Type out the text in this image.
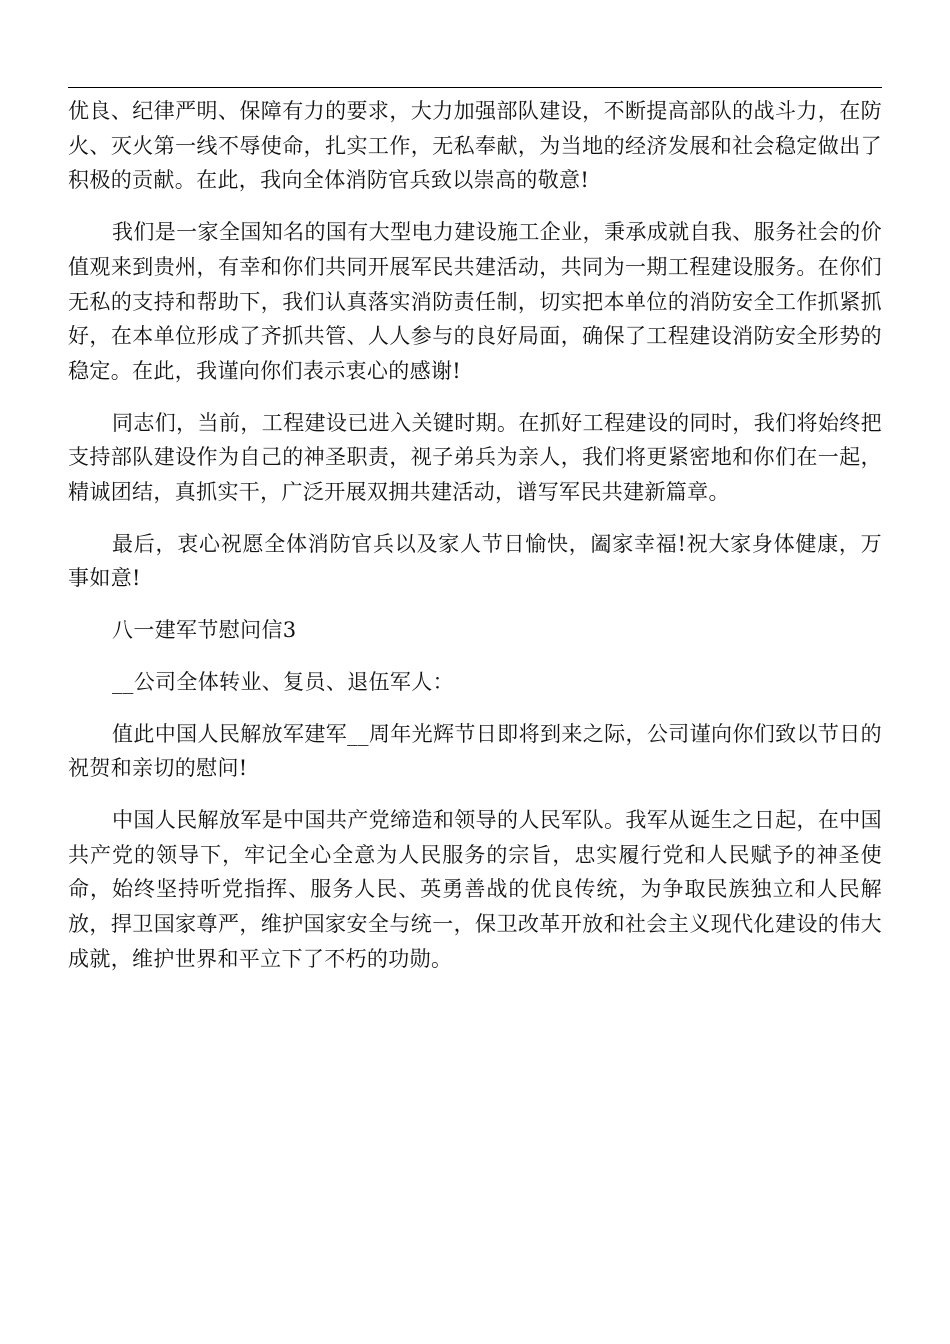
优良、纪律严明、保障有力的要求，大力加强部队建设，不断提高部队的战斗力，在防火、灭火第一线不辱使命，扎实工作，无私奉献，为当地的经济发展和社会稳定做出了积极的贡献。在此，我向全体消防官兵致以崇高的敬意!

我们是一家全国知名的国有大型电力建设施工企业，秉承成就自我、服务社会的价值观来到贵州，有幸和你们共同开展军民共建活动，共同为一期工程建设服务。在你们无私的支持和帮助下，我们认真落实消防责任制，切实把本单位的消防安全工作抓紧抓好，在本单位形成了齐抓共管、人人参与的良好局面，确保了工程建设消防安全形势的稳定。在此，我谨向你们表示衷心的感谢!

同志们，当前，工程建设已进入关键时期。在抓好工程建设的同时，我们将始终把支持部队建设作为自己的神圣职责，视子弟兵为亲人，我们将更紧密地和你们在一起，精诚团结，真抓实干，广泛开展双拥共建活动，谱写军民共建新篇章。

最后，衷心祝愿全体消防官兵以及家人节日愉快，阖家幸福!祝大家身体健康，万事如意!

八一建军节慰问信3

__公司全体转业、复员、退伍军人：

值此中国人民解放军建军__周年光辉节日即将到来之际，公司谨向你们致以节日的祝贺和亲切的慰问!

中国人民解放军是中国共产党缔造和领导的人民军队。我军从诞生之日起，在中国共产党的领导下，牢记全心全意为人民服务的宗旨，忠实履行党和人民赋予的神圣使命，始终坚持听党指挥、服务人民、英勇善战的优良传统，为争取民族独立和人民解放，捍卫国家尊严，维护国家安全与统一，保卫改革开放和社会主义现代化建设的伟大成就，维护世界和平立下了不朽的功勋。
